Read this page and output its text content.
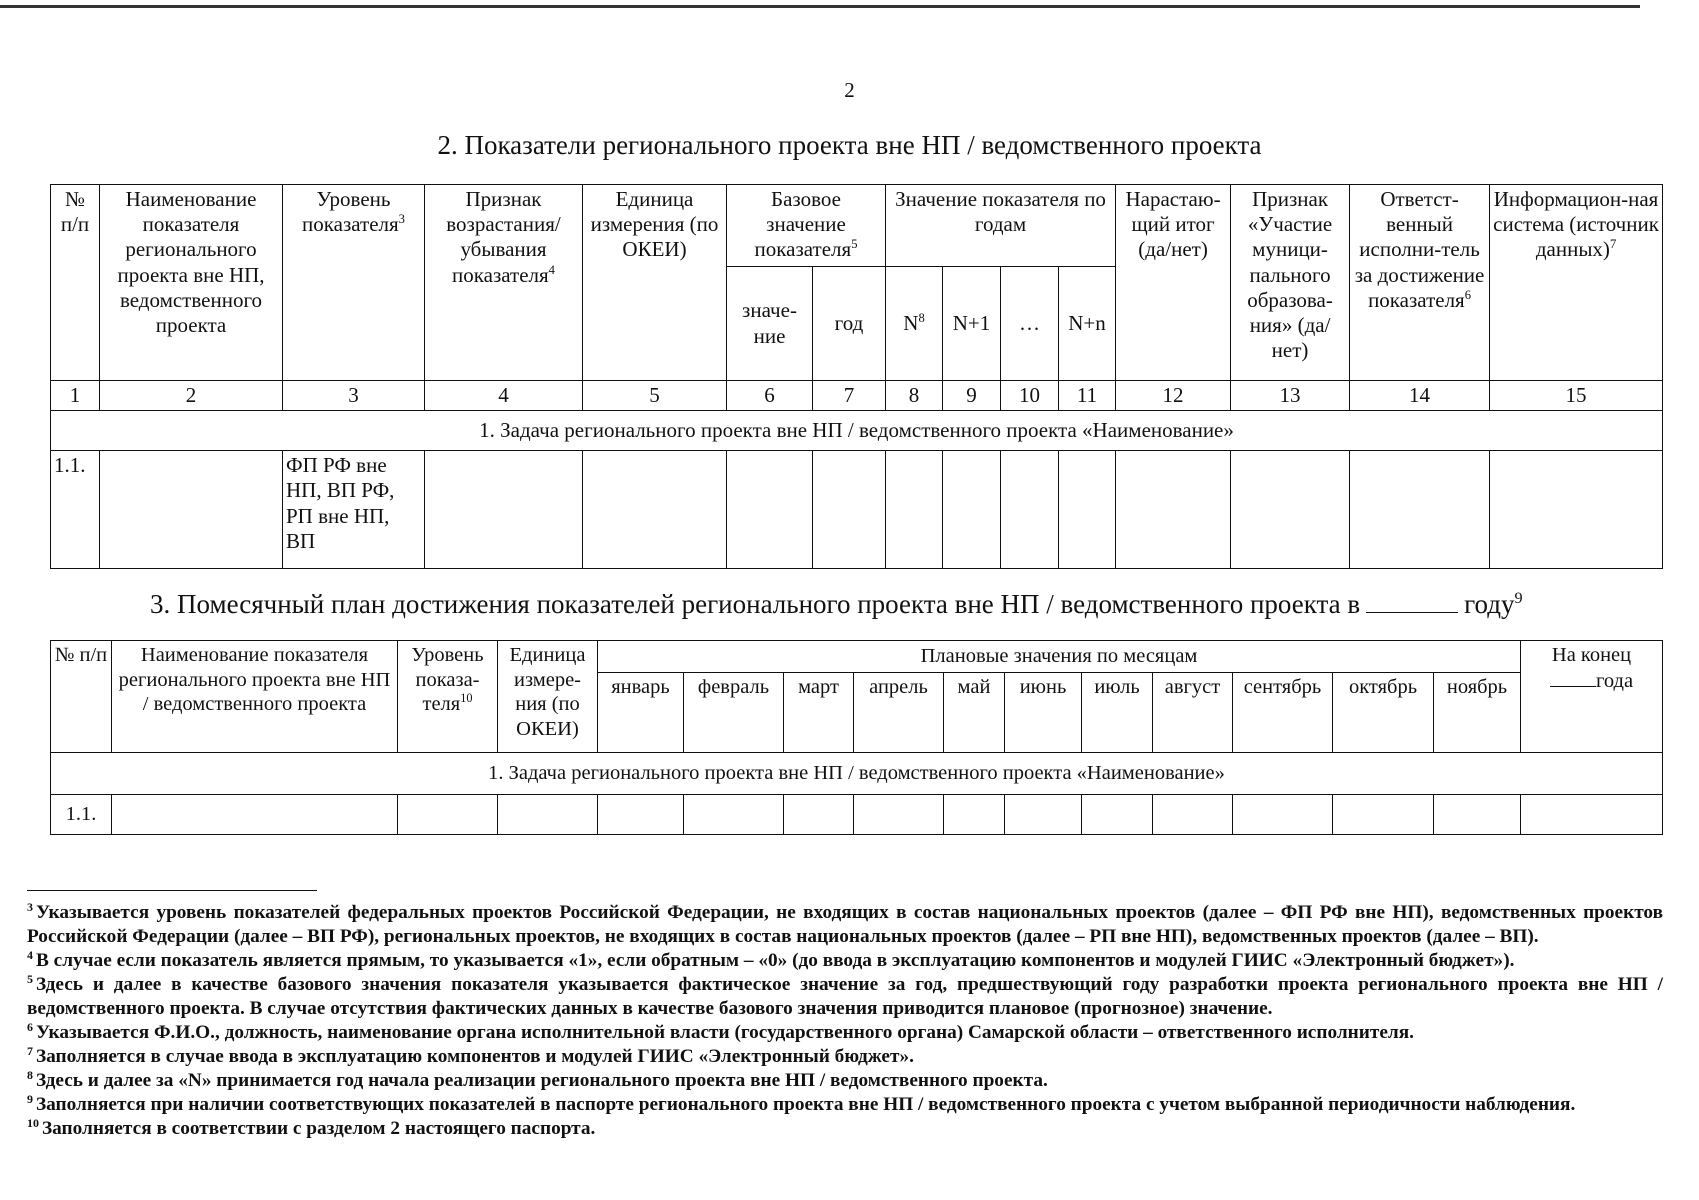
2
2. Показатели регионального проекта вне НП / ведомственного проекта
№ п/п	Наименование показателя регионального проекта вне НП, ведомственного проекта	Уровень показателя$^3$	Признак возрастания/ убывания показателя$^4$	Единица измерения (по ОКЕИ)	Базовое значение показателя$^5$		Значение показателя по годам				Нарастаю-щий итог (да/нет)	Признак «Участие муници-пального образова-ния» (да/нет)	Ответст-венный исполни-тель за достижение показателя$^6$	Информацион-ная система (источник данных)$^7$
					значе-ние	год	$N^8$	N+1	…	N+n				
1	2	3	4	5	6	7	8	9	10	11	12	13	14	15
1. Задача регионального проекта вне НП / ведомственного проекта «Наименование»														
1.1.		ФП РФ вне НП, ВП РФ, РП вне НП, ВП												
3. Помесячный план достижения показателей регионального проекта вне НП / ведомственного проекта в	году$^9$
№ п/п	Наименование показателя регионального проекта вне НП / ведомственного проекта	Уровень показа-теля$^{10}$	Единица измере-ния (по ОКЕИ)	Плановые значения по месяцам											На конец
года
				январь	февраль	март	апрель	май	июнь	июль	август	сентябрь	октябрь	ноябрь	
1. Задача регионального проекта вне НП / ведомственного проекта «Наименование»															
1.1.															

$^3$ Указывается уровень показателей федеральных проектов Российской Федерации, не входящих в состав национальных проектов (далее – ФП РФ вне НП), ведомственных проектов Российской Федерации (далее – ВП РФ), региональных проектов, не входящих в состав национальных проектов (далее – РП вне НП), ведомственных проектов (далее – ВП).

$^4$ В случае если показатель является прямым, то указывается «1», если обратным – «0» (до ввода в эксплуатацию компонентов и модулей ГИИС «Электронный бюджет»).

$^5$ Здесь и далее в качестве базового значения показателя указывается фактическое значение за год, предшествующий году разработки проекта регионального проекта вне НП / ведомственного проекта. В случае отсутствия фактических данных в качестве базового значения приводится плановое (прогнозное) значение.

$^6$ Указывается Ф.И.О., должность, наименование органа исполнительной власти (государственного органа) Самарской области – ответственного исполнителя.

$^7$ Заполняется в случае ввода в эксплуатацию компонентов и модулей ГИИС «Электронный бюджет».

$^8$ Здесь и далее за «N» принимается год начала реализации регионального проекта вне НП / ведомственного проекта.

$^9$ Заполняется при наличии соответствующих показателей в паспорте регионального проекта вне НП / ведомственного проекта с учетом выбранной периодичности наблюдения.

$^{10}$ Заполняется в соответствии с разделом 2 настоящего паспорта.
